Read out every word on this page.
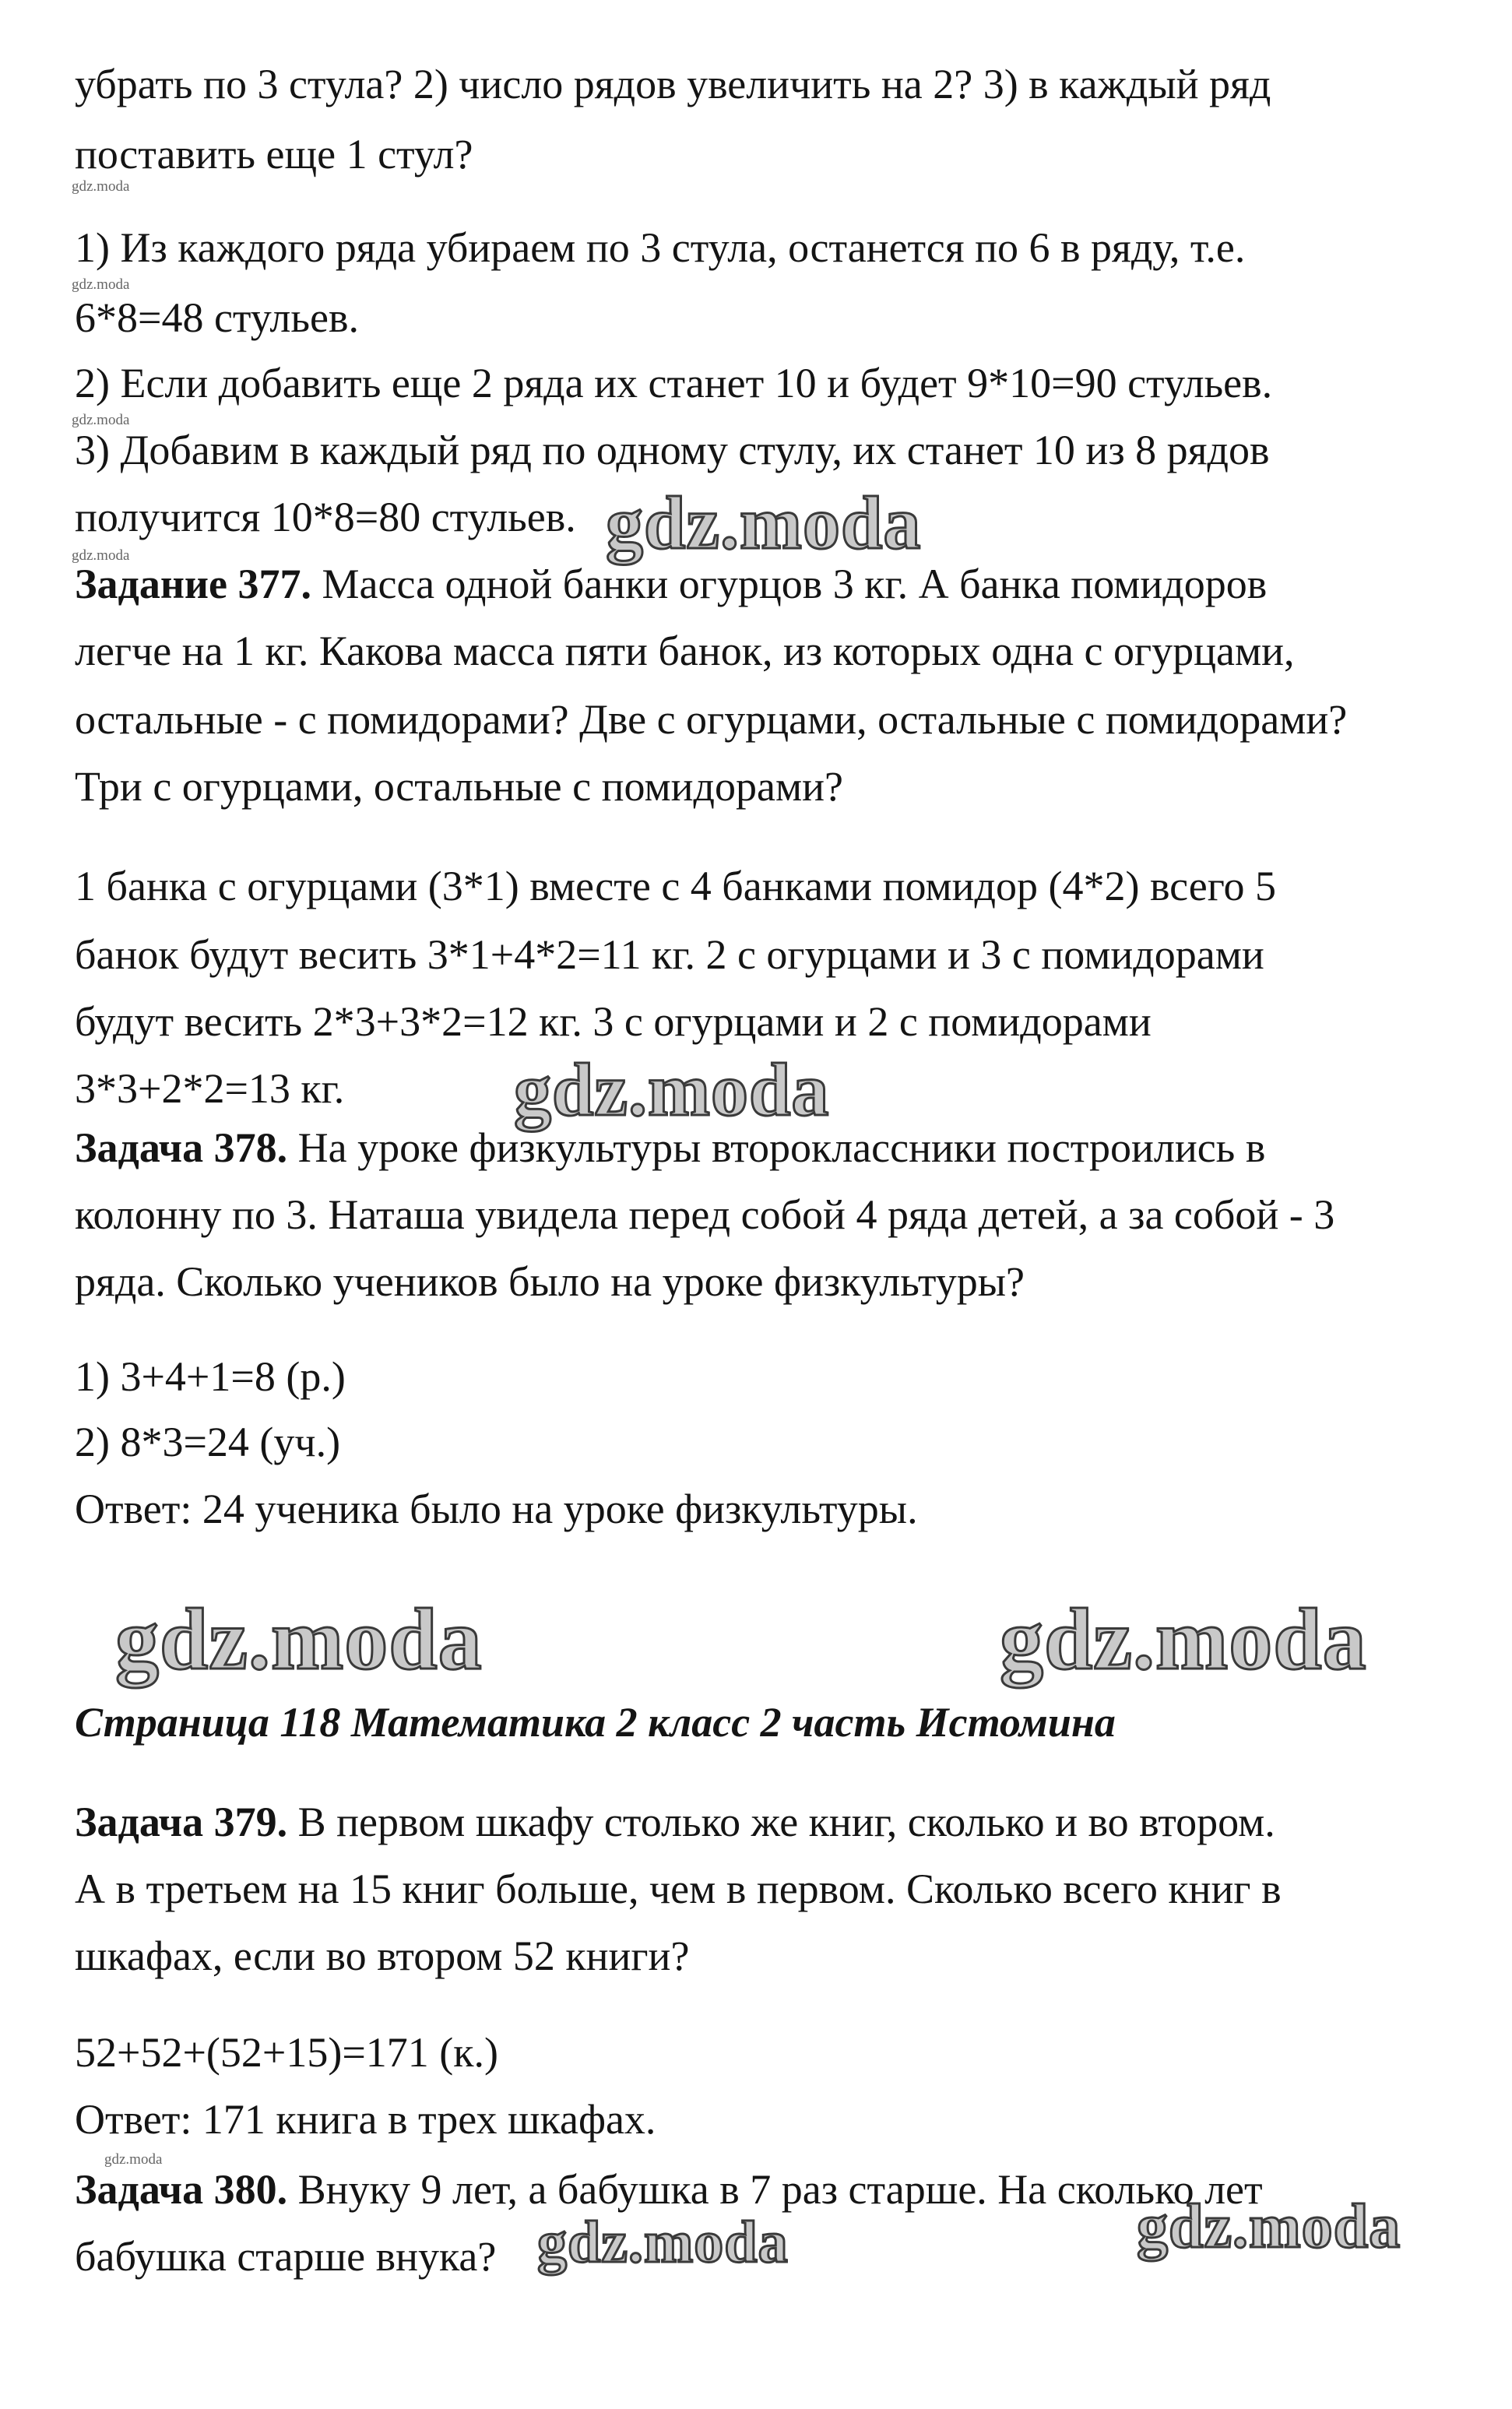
убрать по 3 стула? 2) число рядов увеличить на 2? 3) в каждый ряд
поставить еще 1 стул?
1) Из каждого ряда убираем по 3 стула, останется по 6 в ряду, т.е.
6*8=48 стульев.
2) Если добавить еще 2 ряда их станет 10 и будет 9*10=90 стульев.
3) Добавим в каждый ряд по одному стулу, их станет 10 из 8 рядов
получится 10*8=80 стульев.
Задание 377. Масса одной банки огурцов 3 кг. А банка помидоров
легче на 1 кг. Какова масса пяти банок, из которых одна с огурцами,
остальные - с помидорами? Две с огурцами, остальные с помидорами?
Три с огурцами, остальные с помидорами?
1 банка с огурцами (3*1) вместе с 4 банками помидор (4*2) всего 5
банок будут весить 3*1+4*2=11 кг. 2 с огурцами и 3 с помидорами
будут весить 2*3+3*2=12 кг. 3 с огурцами и 2 с помидорами
3*3+2*2=13 кг.
Задача 378. На уроке физкультуры второклассники построились в
колонну по 3. Наташа увидела перед собой 4 ряда детей, а за собой - 3
ряда. Сколько учеников было на уроке физкультуры?
1) 3+4+1=8 (р.)
2) 8*3=24 (уч.)
Ответ: 24 ученика было на уроке физкультуры.
Страница 118 Математика 2 класс 2 часть Истомина
Задача 379. В первом шкафу столько же книг, сколько и во втором.
А в третьем на 15 книг больше, чем в первом. Сколько всего книг в
шкафах, если во втором 52 книги?
52+52+(52+15)=171 (к.)
Ответ: 171 книга в трех шкафах.
Задача 380. Внуку 9 лет, а бабушка в 7 раз старше. На сколько лет
бабушка старше внука?
gdz.moda
gdz.moda
gdz.moda
gdz.moda
gdz.moda
gdz.moda
gdz.moda
gdz.moda	gdz.moda
gdz.moda	gdz.moda
